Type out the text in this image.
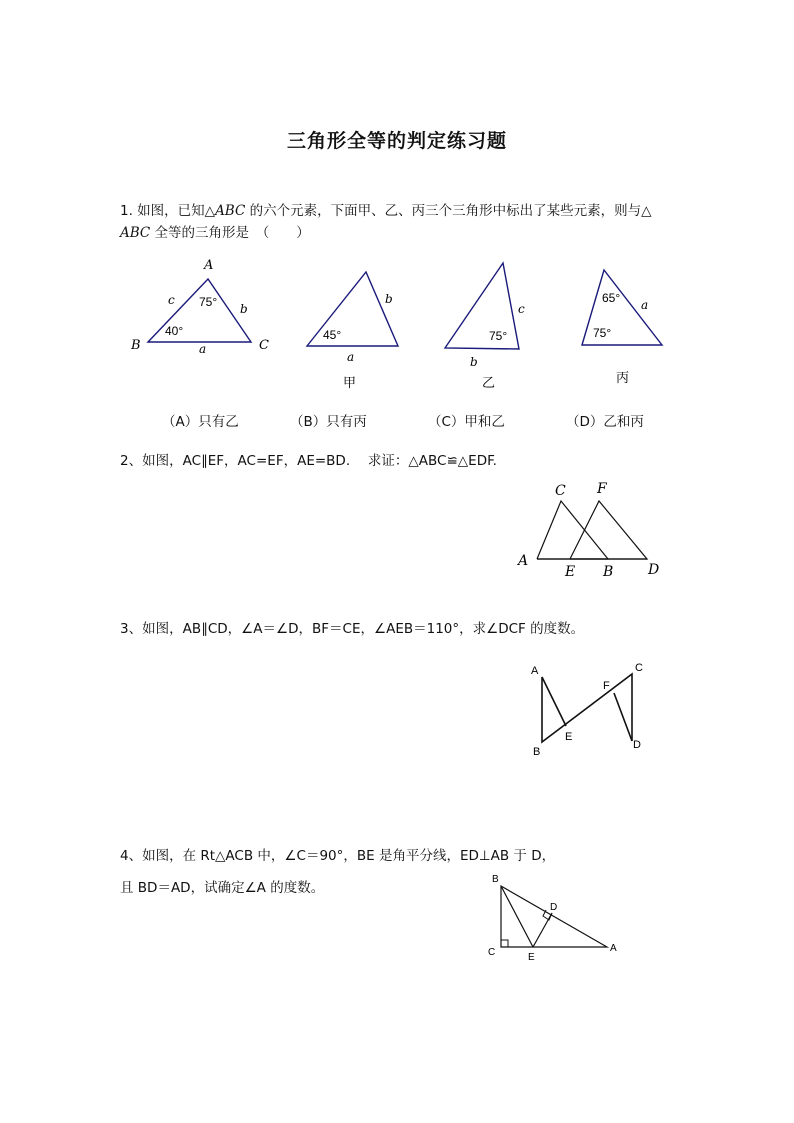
三角形全等的判定练习题
1. 如图，已知△ABC 的六个元素，下面甲、乙、丙三个三角形中标出了某些元素，则与△
ABC 全等的三角形是　（　　）
A
B	C
a
b
c 75°
40°
a
b
45°
b
c
75°
a
65°
75°
甲	乙	丙
（A）只有乙	（B）只有丙	（C）甲和乙	（D）乙和丙
2、如图，AC∥EF，AC=EF，AE=BD.　 求证：△ABC≌△EDF.
A
B
C
D
E
F
3、如图，AB∥CD，∠A＝∠D，BF＝CE，∠AEB＝110°，求∠DCF 的度数。
A
B
C
D
E
F
4、如图，在 Rt△ACB 中，∠C＝90°，BE 是角平分线，ED⊥AB 于 D，
且 BD＝AD，试确定∠A 的度数。
B
C
D
E
A
